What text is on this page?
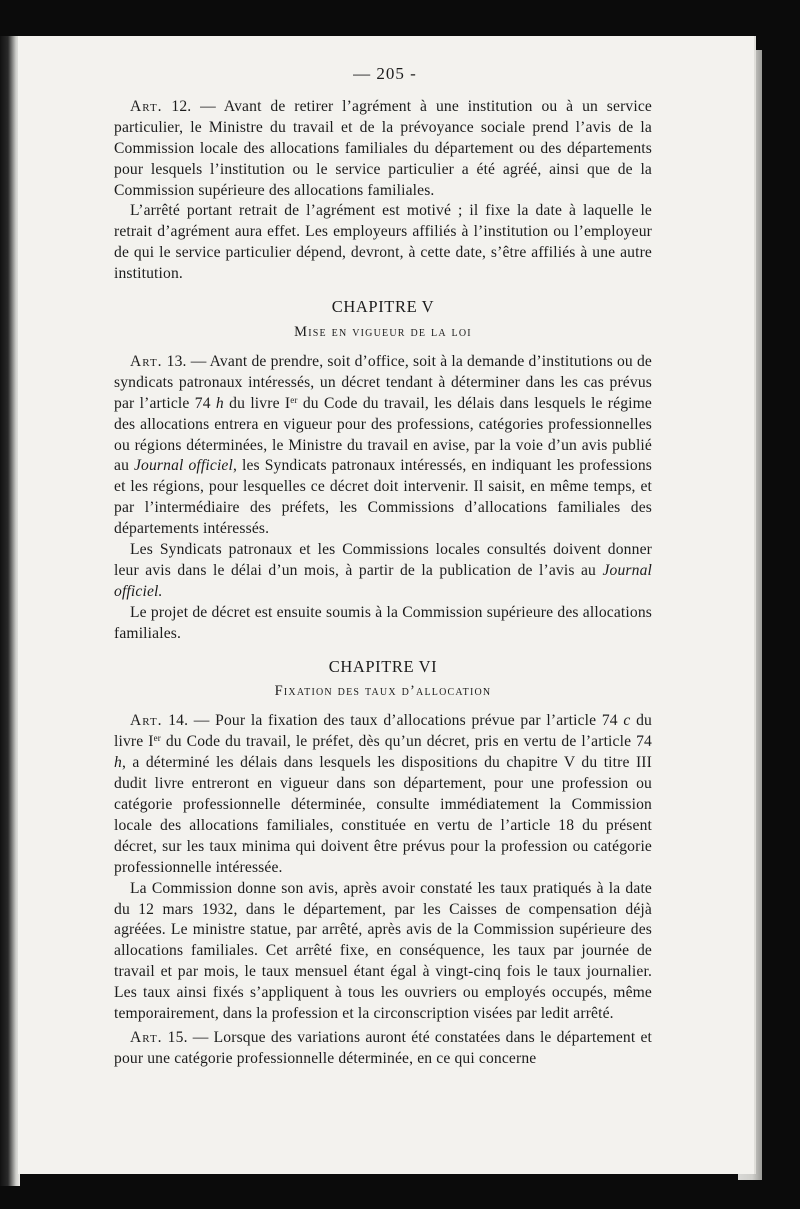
— 205 -

Art. 12. — Avant de retirer l’agrément à une institution ou à un service particulier, le Ministre du travail et de la prévoyance sociale prend l’avis de la Commission locale des allocations familiales du département ou des départements pour lesquels l’institution ou le service particulier a été agréé, ainsi que de la Commission supérieure des allocations familiales.

L’arrêté portant retrait de l’agrément est motivé ; il fixe la date à laquelle le retrait d’agrément aura effet. Les employeurs affiliés à l’institution ou l’employeur de qui le service particulier dépend, devront, à cette date, s’être affiliés à une autre institution.

CHAPITRE V
Mise en vigueur de la loi

Art. 13. — Avant de prendre, soit d’office, soit à la demande d’institutions ou de syndicats patronaux intéressés, un décret tendant à déterminer dans les cas prévus par l’article 74 h du livre Ier du Code du travail, les délais dans lesquels le régime des allocations entrera en vigueur pour des professions, catégories professionnelles ou régions déterminées, le Ministre du travail en avise, par la voie d’un avis publié au Journal officiel, les Syndicats patronaux intéressés, en indiquant les professions et les régions, pour lesquelles ce décret doit intervenir. Il saisit, en même temps, et par l’intermédiaire des préfets, les Commissions d’allocations familiales des départements intéressés.

Les Syndicats patronaux et les Commissions locales consultés doivent donner leur avis dans le délai d’un mois, à partir de la publication de l’avis au Journal officiel.

Le projet de décret est ensuite soumis à la Commission supérieure des allocations familiales.

CHAPITRE VI
Fixation des taux d’allocation

Art. 14. — Pour la fixation des taux d’allocations prévue par l’article 74 c du livre Ier du Code du travail, le préfet, dès qu’un décret, pris en vertu de l’article 74 h, a déterminé les délais dans lesquels les dispositions du chapitre V du titre III dudit livre entreront en vigueur dans son département, pour une profession ou catégorie professionnelle déterminée, consulte immédiatement la Commission locale des allocations familiales, constituée en vertu de l’article 18 du présent décret, sur les taux minima qui doivent être prévus pour la profession ou catégorie professionnelle intéressée.

La Commission donne son avis, après avoir constaté les taux pratiqués à la date du 12 mars 1932, dans le département, par les Caisses de compensation déjà agréées. Le ministre statue, par arrêté, après avis de la Commission supérieure des allocations familiales. Cet arrêté fixe, en conséquence, les taux par journée de travail et par mois, le taux mensuel étant égal à vingt-cinq fois le taux journalier. Les taux ainsi fixés s’appliquent à tous les ouvriers ou employés occupés, même temporairement, dans la profession et la circonscription visées par ledit arrêté.

Art. 15. — Lorsque des variations auront été constatées dans le département et pour une catégorie professionnelle déterminée, en ce qui concerne
